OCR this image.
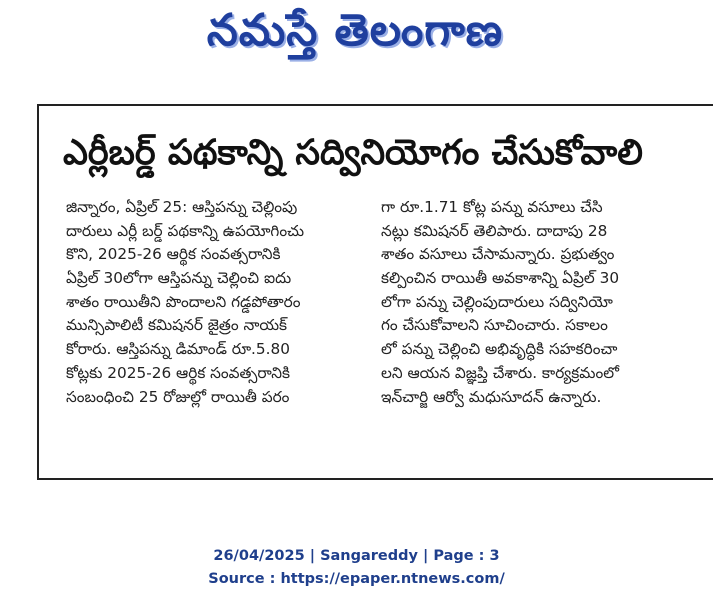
నమస్తే తెలంగాణ
ఎర్లీబర్డ్ పథకాన్ని సద్వినియోగం చేసుకోవాలి
జిన్నారం, ఏప్రిల్ 25: ఆస్తిపన్ను చెల్లింపు
దారులు ఎర్లీ బర్డ్ పథకాన్ని ఉపయోగించు
కొని, 2025-26 ఆర్థిక సంవత్సరానికి
ఏప్రిల్ 30లోగా ఆస్తిపన్ను చెల్లించి ఐదు
శాతం రాయితీని పొందాలని గడ్డపోతారం
మున్సిపాలిటీ కమిషనర్ జైత్రం నాయక్
కోరారు. ఆస్తిపన్ను డిమాండ్ రూ.5.80
కోట్లకు 2025-26 ఆర్థిక సంవత్సరానికి
సంబంధించి 25 రోజుల్లో రాయితీ పరం
గా రూ.1.71 కోట్ల పన్ను వసూలు చేసి
నట్లు కమిషనర్ తెలిపారు. దాదాపు 28
శాతం వసూలు చేసామన్నారు. ప్రభుత్వం
కల్పించిన రాయితీ అవకాశాన్ని ఏప్రిల్ 30
లోగా పన్ను చెల్లింపుదారులు సద్వినియో
గం చేసుకోవాలని సూచించారు. సకాలం
లో పన్ను చెల్లించి అభివృద్ధికి సహకరించా
లని ఆయన విజ్ఞప్తి చేశారు. కార్యక్రమంలో
ఇన్‌చార్జి ఆర్వో మధుసూదన్ ఉన్నారు.
26/04/2025 | Sangareddy | Page : 3
Source : https://epaper.ntnews.com/
